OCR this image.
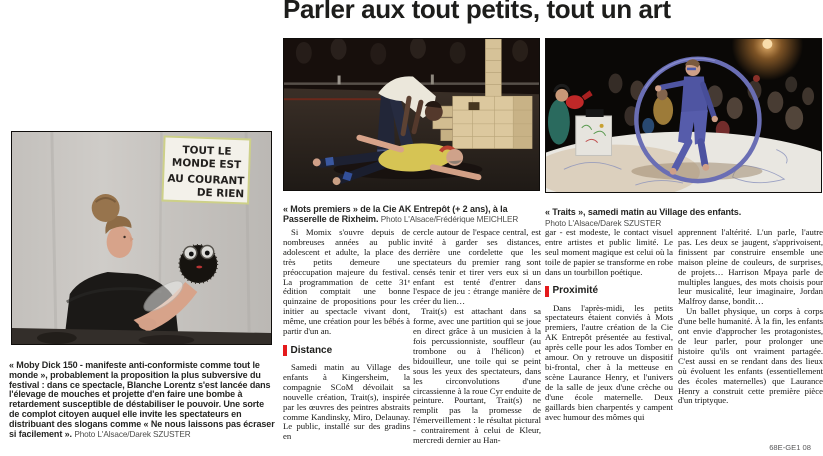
Parler aux tout petits, tout un art
TOUT LE
MONDE EST
AU COURANT
DE RIEN

« Moby Dick 150 - manifeste anti-conformiste comme tout le monde », probablement la proposition la plus subversive du festival : dans ce spectacle, Blanche Lorentz s'est lancée dans l'élevage de mouches et projette d'en faire une bombe à retardement susceptible de déstabiliser le pouvoir. Une sorte de complot citoyen auquel elle invite les spectateurs en distribuant des slogans comme « Ne nous laissons pas écraser si facilement ». Photo L'Alsace/Darek SZUSTER

« Mots premiers » de la Cie AK Entrepôt (+ 2 ans), à la Passerelle de Rixheim. Photo L'Alsace/Frédérique MEICHLER

« Traits », samedi matin au Village des enfants.
Photo L'Alsace/Darek SZUSTER

Si Momix s'ouvre depuis de nombreuses années au public adolescent et adulte, la place des très petits demeure une préoccupation majeure du festival. La programmation de cette 31ᵉ édition comptait une bonne quinzaine de propositions pour les initier au spectacle vivant dont, même, une création pour les bébés à partir d'un an.

Distance

Samedi matin au Village des enfants à Kingersheim, la compagnie SCoM dévoilait sa nouvelle création, Trait(s), inspirée par les œuvres des peintres abstraits comme Kandinsky, Miro, Delaunay. Le public, installé sur des gradins en

cercle autour de l'espace central, est invité à garder ses distances, derrière une cordelette que les spectateurs du premier rang sont censés tenir et tirer vers eux si un enfant est tenté d'entrer dans l'espace de jeu : étrange manière de créer du lien…

Trait(s) est attachant dans sa forme, avec une partition qui se joue en direct grâce à un musicien à la fois percussionniste, souffleur (au trombone ou à l'hélicon) et bidouilleur, une toile qui se peint sous les yeux des spectateurs, dans les circonvolutions d'une circassienne à la roue Cyr enduite de peinture. Pourtant, Trait(s) ne remplit pas la promesse de l'émerveillement : le résultat pictural - contrairement à celui de Kleur, mercredi dernier au Han-

gar - est modeste, le contact visuel entre artistes et public limité. Le seul moment magique est celui où la toile de papier se transforme en robe dans un tourbillon poétique.

Proximité

Dans l'après-midi, les petits spectateurs étaient conviés à Mots premiers, l'autre création de la Cie AK Entrepôt présentée au festival, après celle pour les ados Tomber en amour. On y retrouve un dispositif bi-frontal, cher à la metteuse en scène Laurance Henry, et l'univers de la salle de jeux d'une crèche ou d'une école maternelle. Deux gaillards bien charpentés y campent avec humour des mômes qui

apprennent l'altérité. L'un parle, l'autre pas. Les deux se jaugent, s'apprivoisent, finissent par construire ensemble une maison pleine de couleurs, de surprises, de projets… Harrison Mpaya parle de multiples langues, des mots choisis pour leur musicalité, leur imaginaire, Jordan Malfroy danse, bondit…

Un ballet physique, un corps à corps d'une belle humanité. À la fin, les enfants ont envie d'approcher les protagonistes, de leur parler, pour prolonger une histoire qu'ils ont vraiment partagée. C'est aussi en se rendant dans des lieux où évoluent les enfants (essentiellement des écoles maternelles) que Laurance Henry a construit cette première pièce d'un triptyque.

68E-GE1 08
